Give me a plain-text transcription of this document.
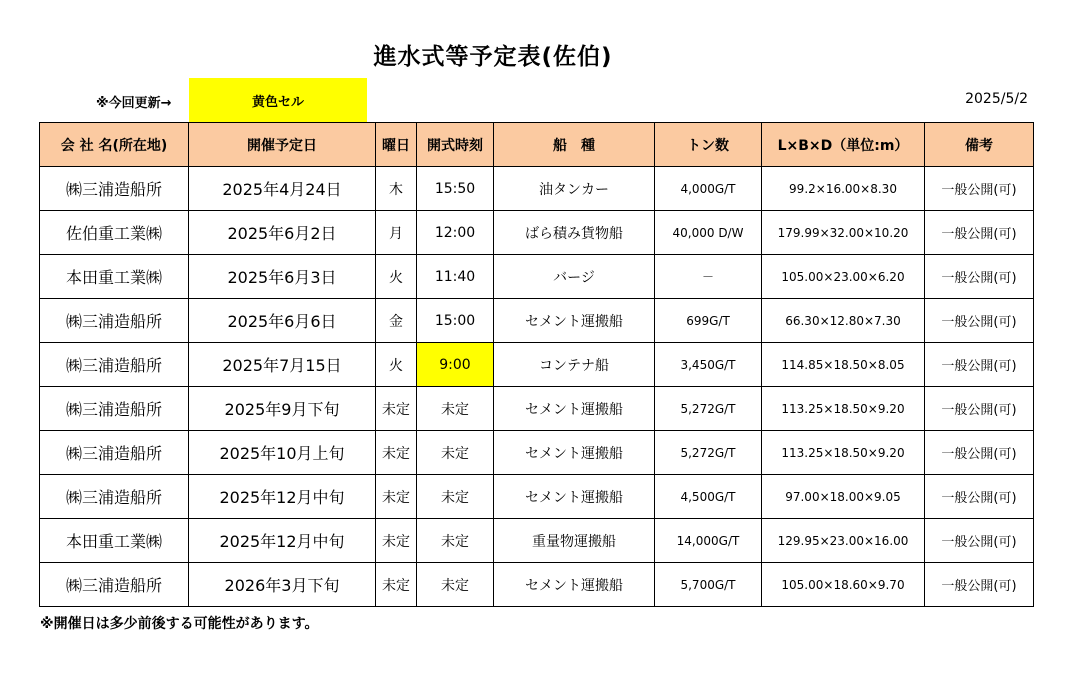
進水式等予定表(佐伯)
※今回更新→	黄色セル	2025/5/2
会 社 名(所在地)	開催予定日	曜日	開式時刻	船　種	トン数	L×B×D（単位:m）	備考
㈱三浦造船所	2025年4月24日	木	15:50	油タンカー	4,000G/T	99.2×16.00×8.30	一般公開(可)
佐伯重工業㈱	2025年6月2日	月	12:00	ばら積み貨物船	40,000 D/W	179.99×32.00×10.20	一般公開(可)
本田重工業㈱	2025年6月3日	火	11:40	バージ	－	105.00×23.00×6.20	一般公開(可)
㈱三浦造船所	2025年6月6日	金	15:00	セメント運搬船	699G/T	66.30×12.80×7.30	一般公開(可)
㈱三浦造船所	2025年7月15日	火	9:00	コンテナ船	3,450G/T	114.85×18.50×8.05	一般公開(可)
㈱三浦造船所	2025年9月下旬	未定	未定	セメント運搬船	5,272G/T	113.25×18.50×9.20	一般公開(可)
㈱三浦造船所	2025年10月上旬	未定	未定	セメント運搬船	5,272G/T	113.25×18.50×9.20	一般公開(可)
㈱三浦造船所	2025年12月中旬	未定	未定	セメント運搬船	4,500G/T	97.00×18.00×9.05	一般公開(可)
本田重工業㈱	2025年12月中旬	未定	未定	重量物運搬船	14,000G/T	129.95×23.00×16.00	一般公開(可)
㈱三浦造船所	2026年3月下旬	未定	未定	セメント運搬船	5,700G/T	105.00×18.60×9.70	一般公開(可)
※開催日は多少前後する可能性があります。
